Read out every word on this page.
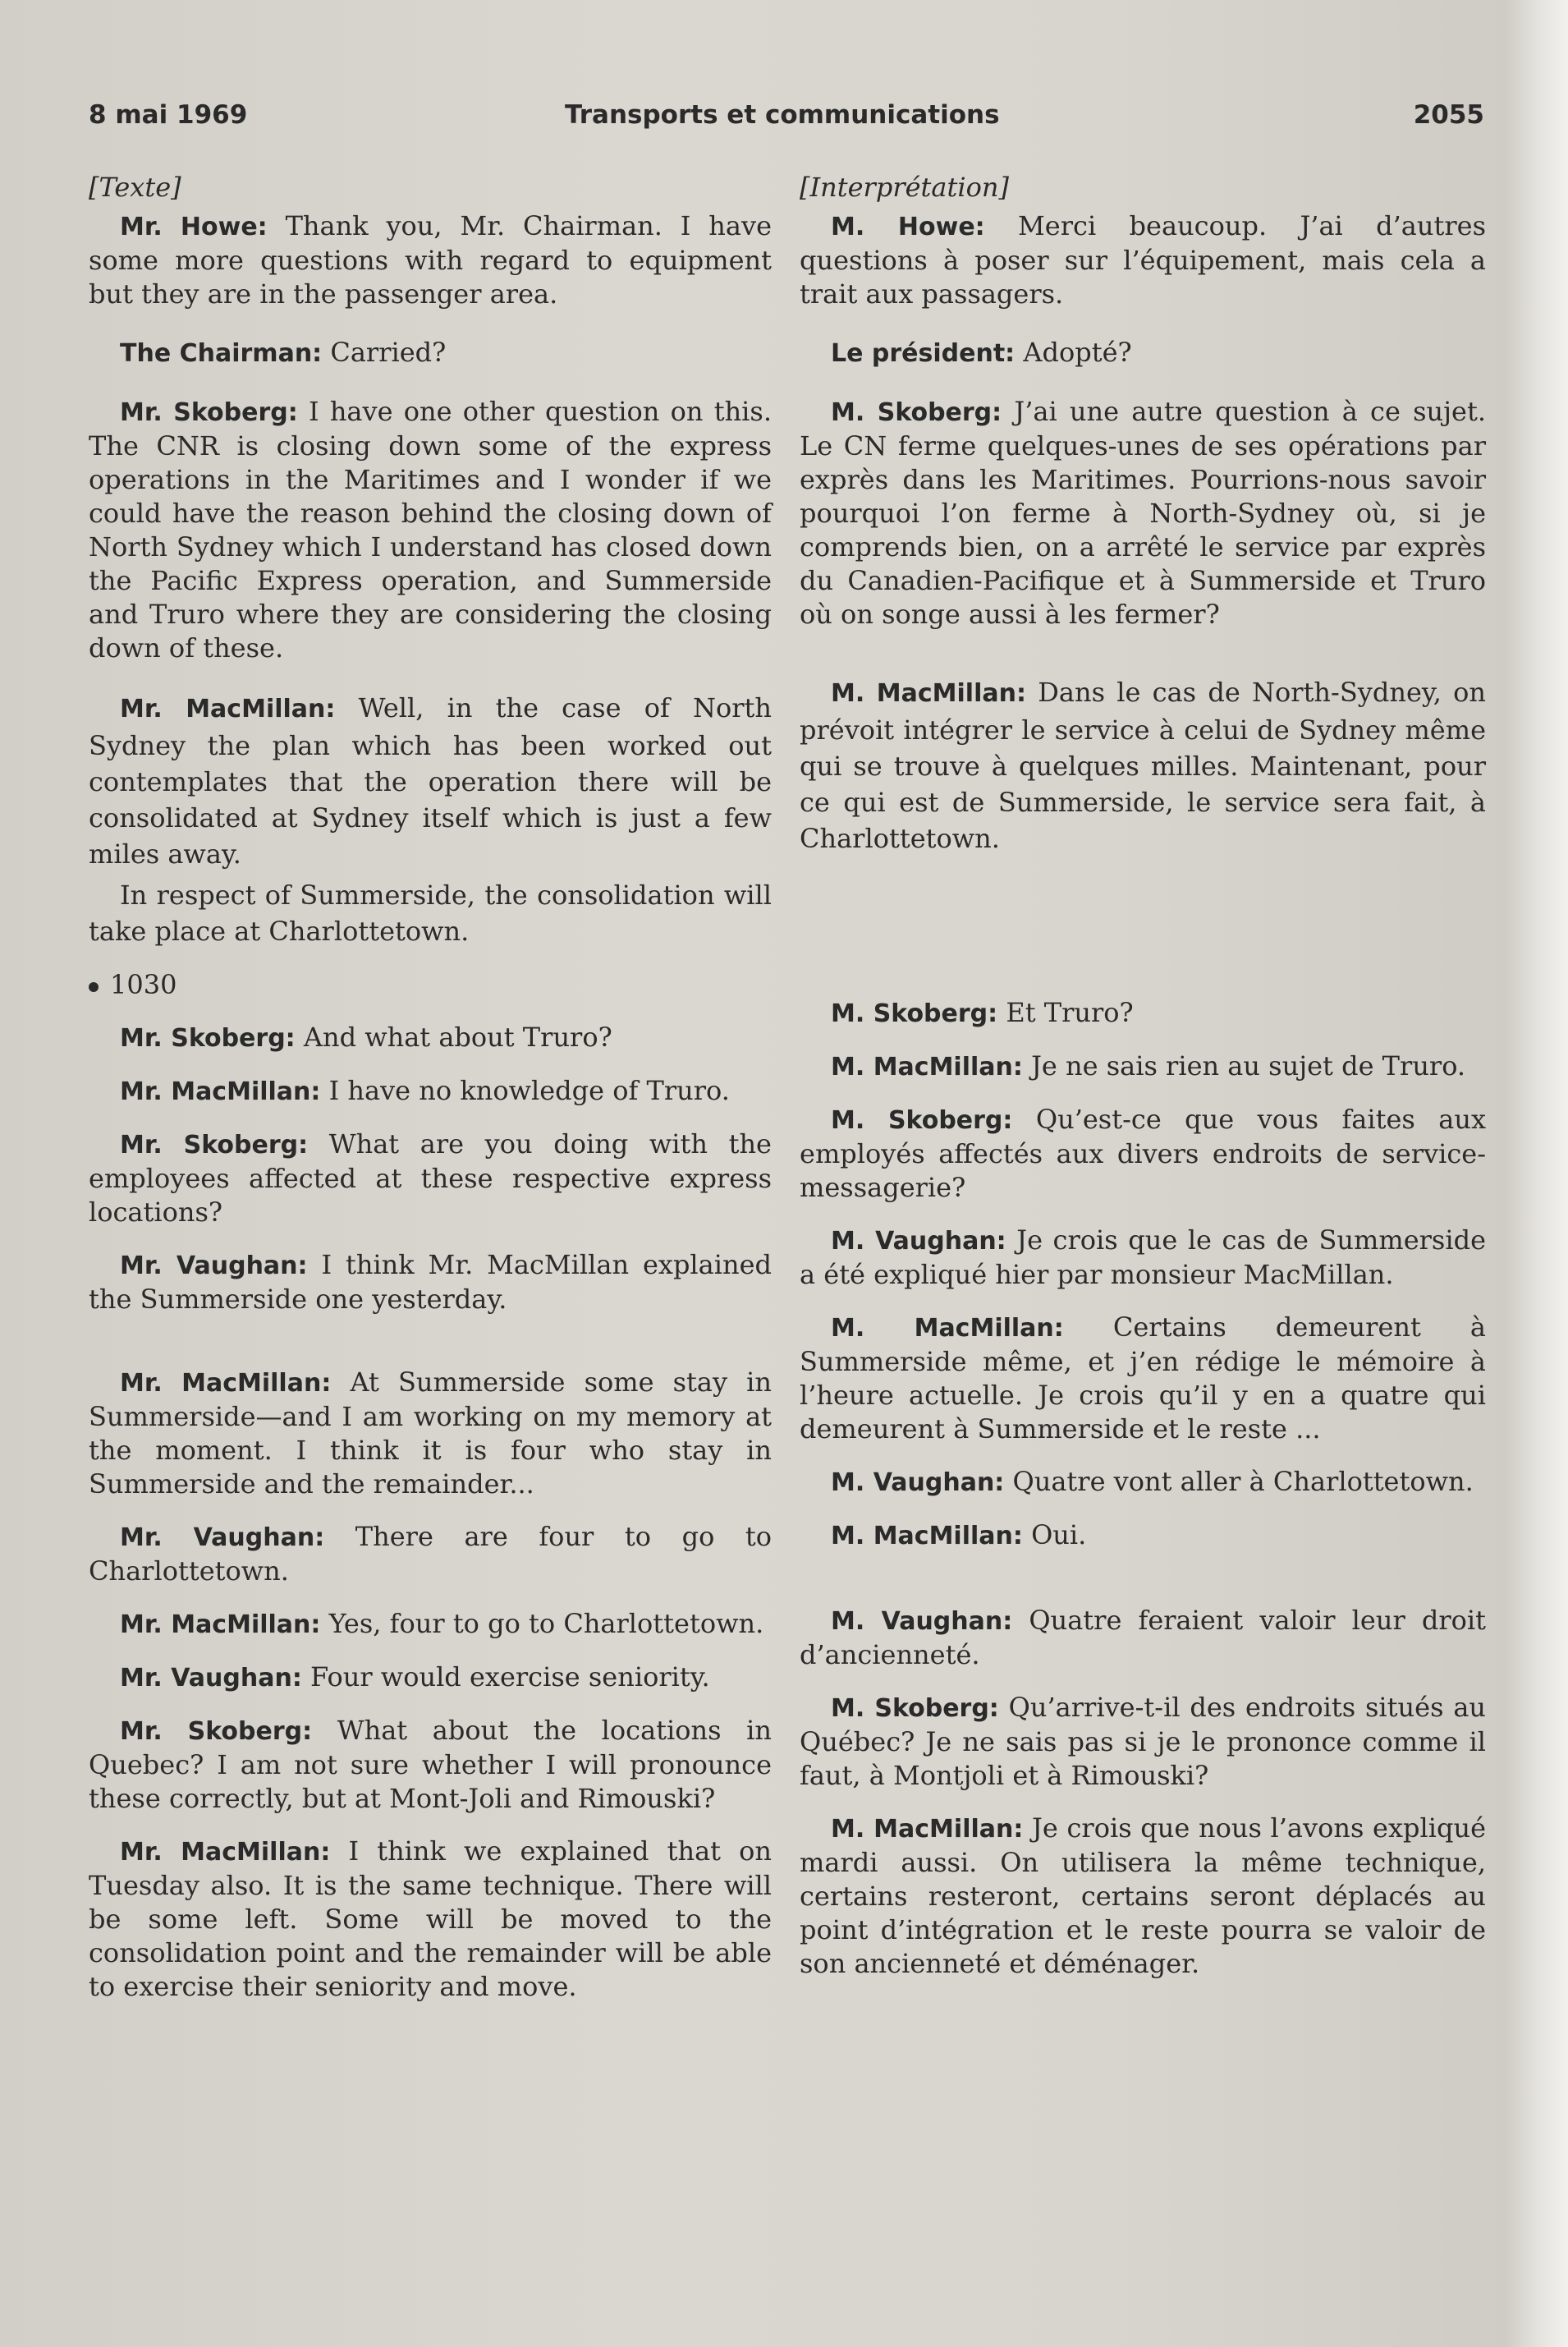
8 mai 1969	Transports et communications	2055
[Texte]
Mr. Howe: Thank you, Mr. Chairman. I have some more questions with regard to equipment but they are in the passenger area.
The Chairman: Carried?
Mr. Skoberg: I have one other question on this. The CNR is closing down some of the express operations in the Maritimes and I wonder if we could have the reason behind the closing down of North Sydney which I understand has closed down the Pacific Express operation, and Summerside and Truro where they are considering the closing down of these.
Mr. MacMillan: Well, in the case of North Sydney the plan which has been worked out contemplates that the operation there will be consolidated at Sydney itself which is just a few miles away.
In respect of Summerside, the consolidation will take place at Charlottetown.
1030
Mr. Skoberg: And what about Truro?
Mr. MacMillan: I have no knowledge of Truro.
Mr. Skoberg: What are you doing with the employees affected at these respective express locations?
Mr. Vaughan: I think Mr. MacMillan explained the Summerside one yesterday.
Mr. MacMillan: At Summerside some stay in Summerside—and I am working on my memory at the moment. I think it is four who stay in Summerside and the remainder...
Mr. Vaughan: There are four to go to Charlottetown.
Mr. MacMillan: Yes, four to go to Charlottetown.
Mr. Vaughan: Four would exercise seniority.
Mr. Skoberg: What about the locations in Quebec? I am not sure whether I will pronounce these correctly, but at Mont-Joli and Rimouski?
Mr. MacMillan: I think we explained that on Tuesday also. It is the same technique. There will be some left. Some will be moved to the consolidation point and the remainder will be able to exercise their seniority and move.
[Interprétation]
M. Howe: Merci beaucoup. J’ai d’autres questions à poser sur l’équipement, mais cela a trait aux passagers.
Le président: Adopté?
M. Skoberg: J’ai une autre question à ce sujet. Le CN ferme quelques-unes de ses opérations par exprès dans les Maritimes. Pourrions-nous savoir pourquoi l’on ferme à North-Sydney où, si je comprends bien, on a arrêté le service par exprès du Canadien-Pacifique et à Summerside et Truro où on songe aussi à les fermer?
M. MacMillan: Dans le cas de North-Sydney, on prévoit intégrer le service à celui de Sydney même qui se trouve à quelques milles. Maintenant, pour ce qui est de Summerside, le service sera fait, à Charlottetown.
M. Skoberg: Et Truro?
M. MacMillan: Je ne sais rien au sujet de Truro.
M. Skoberg: Qu’est-ce que vous faites aux employés affectés aux divers endroits de service-messagerie?
M. Vaughan: Je crois que le cas de Summerside a été expliqué hier par monsieur MacMillan.
M. MacMillan: Certains demeurent à Summerside même, et j’en rédige le mémoire à l’heure actuelle. Je crois qu’il y en a quatre qui demeurent à Summerside et le reste ...
M. Vaughan: Quatre vont aller à Charlottetown.
M. MacMillan: Oui.
M. Vaughan: Quatre feraient valoir leur droit d’ancienneté.
M. Skoberg: Qu’arrive-t-il des endroits situés au Québec? Je ne sais pas si je le prononce comme il faut, à Montjoli et à Rimouski?
M. MacMillan: Je crois que nous l’avons expliqué mardi aussi. On utilisera la même technique, certains resteront, certains seront déplacés au point d’intégration et le reste pourra se valoir de son ancienneté et déménager.
